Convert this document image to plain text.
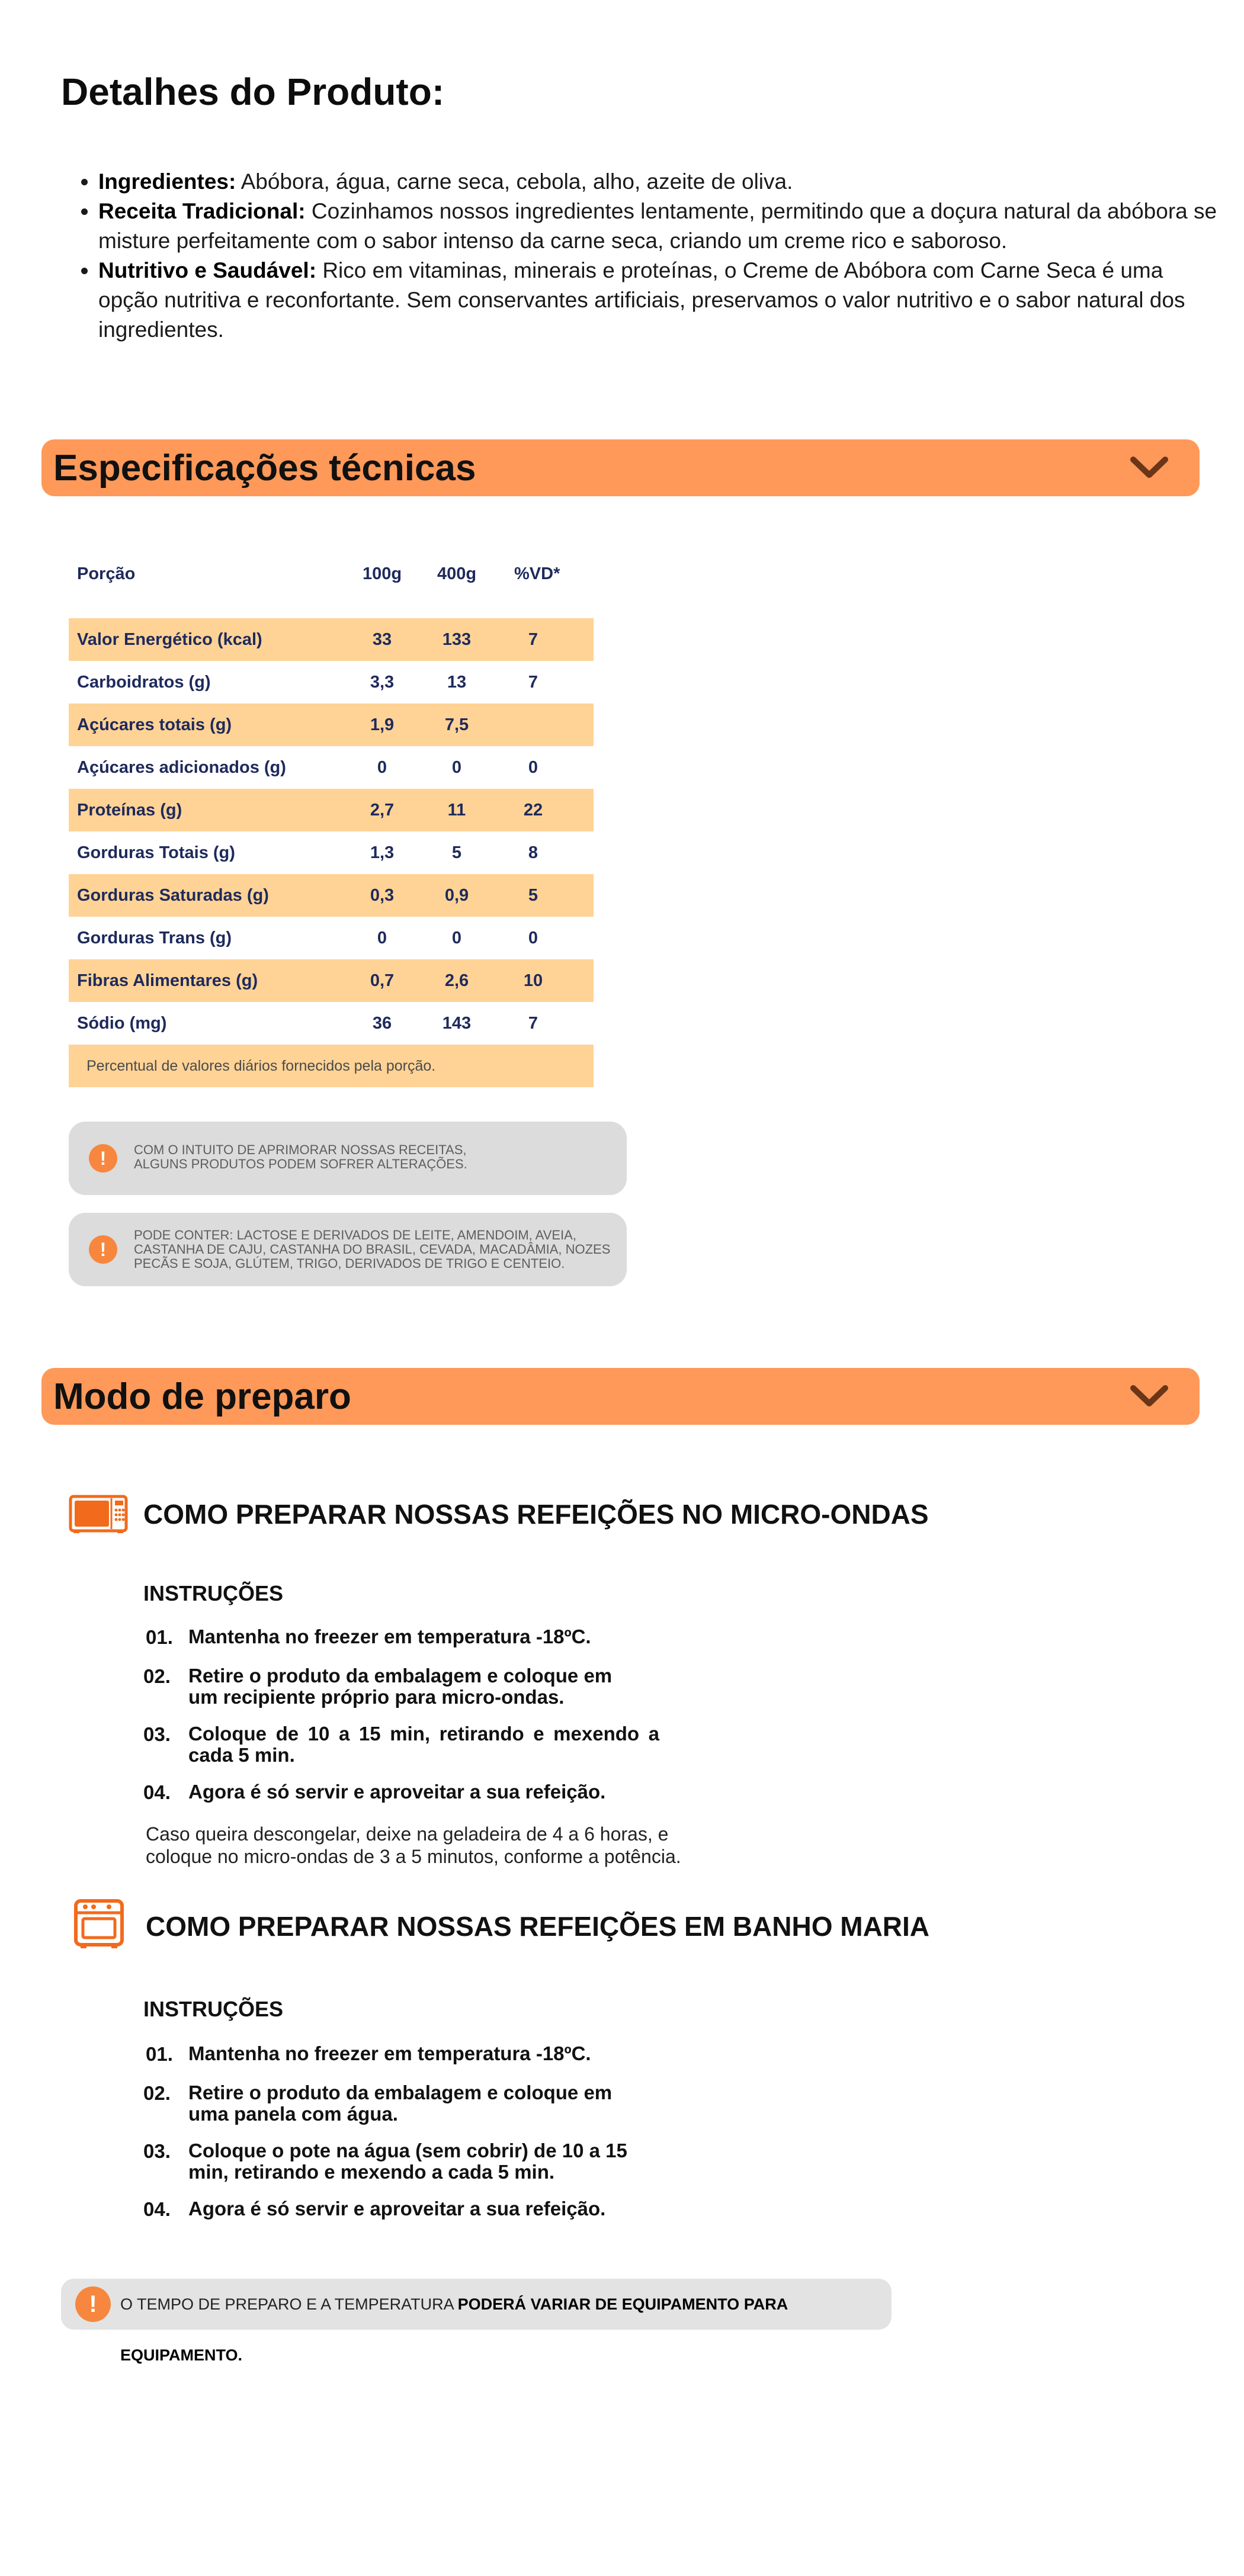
Detalhes do Produto:
• Ingredientes: Abóbora, água, carne seca, cebola, alho, azeite de oliva.
• Receita Tradicional: Cozinhamos nossos ingredientes lentamente, permitindo que a doçura natural da abóbora se misture perfeitamente com o sabor intenso da carne seca, criando um creme rico e saboroso.
• Nutritivo e Saudável: Rico em vitaminas, minerais e proteínas, o Creme de Abóbora com Carne Seca é uma opção nutritiva e reconfortante. Sem conservantes artificiais, preservamos o valor nutritivo e o sabor natural dos ingredientes.
Especificações técnicas
Porção	100g 400g %VD*
Valor Energético (kcal)	33	133	7
Carboidratos (g)	3,3	13	7
Açúcares totais (g)	1,9	7,5
Açúcares adicionados (g)	0	0	0
Proteínas (g)	2,7	11	22
Gorduras Totais (g)	1,3	5	8
Gorduras Saturadas (g)	0,3	0,9	5
Gorduras Trans (g)	0	0	0
Fibras Alimentares (g)	0,7	2,6	10
Sódio (mg)	36	143	7
Percentual de valores diários fornecidos pela porção.
!	COM O INTUITO DE APRIMORAR NOSSAS RECEITAS,
ALGUNS PRODUTOS PODEM SOFRER ALTERAÇÕES.
!
PODE CONTER: LACTOSE E DERIVADOS DE LEITE, AMENDOIM, AVEIA,
CASTANHA DE CAJU, CASTANHA DO BRASIL, CEVADA, MACADÂMIA, NOZES
PECÃS E SOJA, GLÚTEM, TRIGO, DERIVADOS DE TRIGO E CENTEIO.
Modo de preparo
COMO PREPARAR NOSSAS REFEIÇÕES NO MICRO-ONDAS
INSTRUÇÕES
01. Mantenha no freezer em temperatura -18ºC.
02. Retire o produto da embalagem e coloque em
um recipiente próprio para micro-ondas.
03. Coloque de 10 a 15 min, retirando e mexendo a
cada 5 min.
04. Agora é só servir e aproveitar a sua refeição.
Caso queira descongelar, deixe na geladeira de 4 a 6 horas, e
coloque no micro-ondas de 3 a 5 minutos, conforme a potência.
COMO PREPARAR NOSSAS REFEIÇÕES EM BANHO MARIA
INSTRUÇÕES
01. Mantenha no freezer em temperatura -18ºC.
02. Retire o produto da embalagem e coloque em
uma panela com água.
03. Coloque o pote na água (sem cobrir) de 10 a 15
min, retirando e mexendo a cada 5 min.
04. Agora é só servir e aproveitar a sua refeição.
!	O TEMPO DE PREPARO E A TEMPERATURA PODERÁ VARIAR DE EQUIPAMENTO PARA EQUIPAMENTO.
